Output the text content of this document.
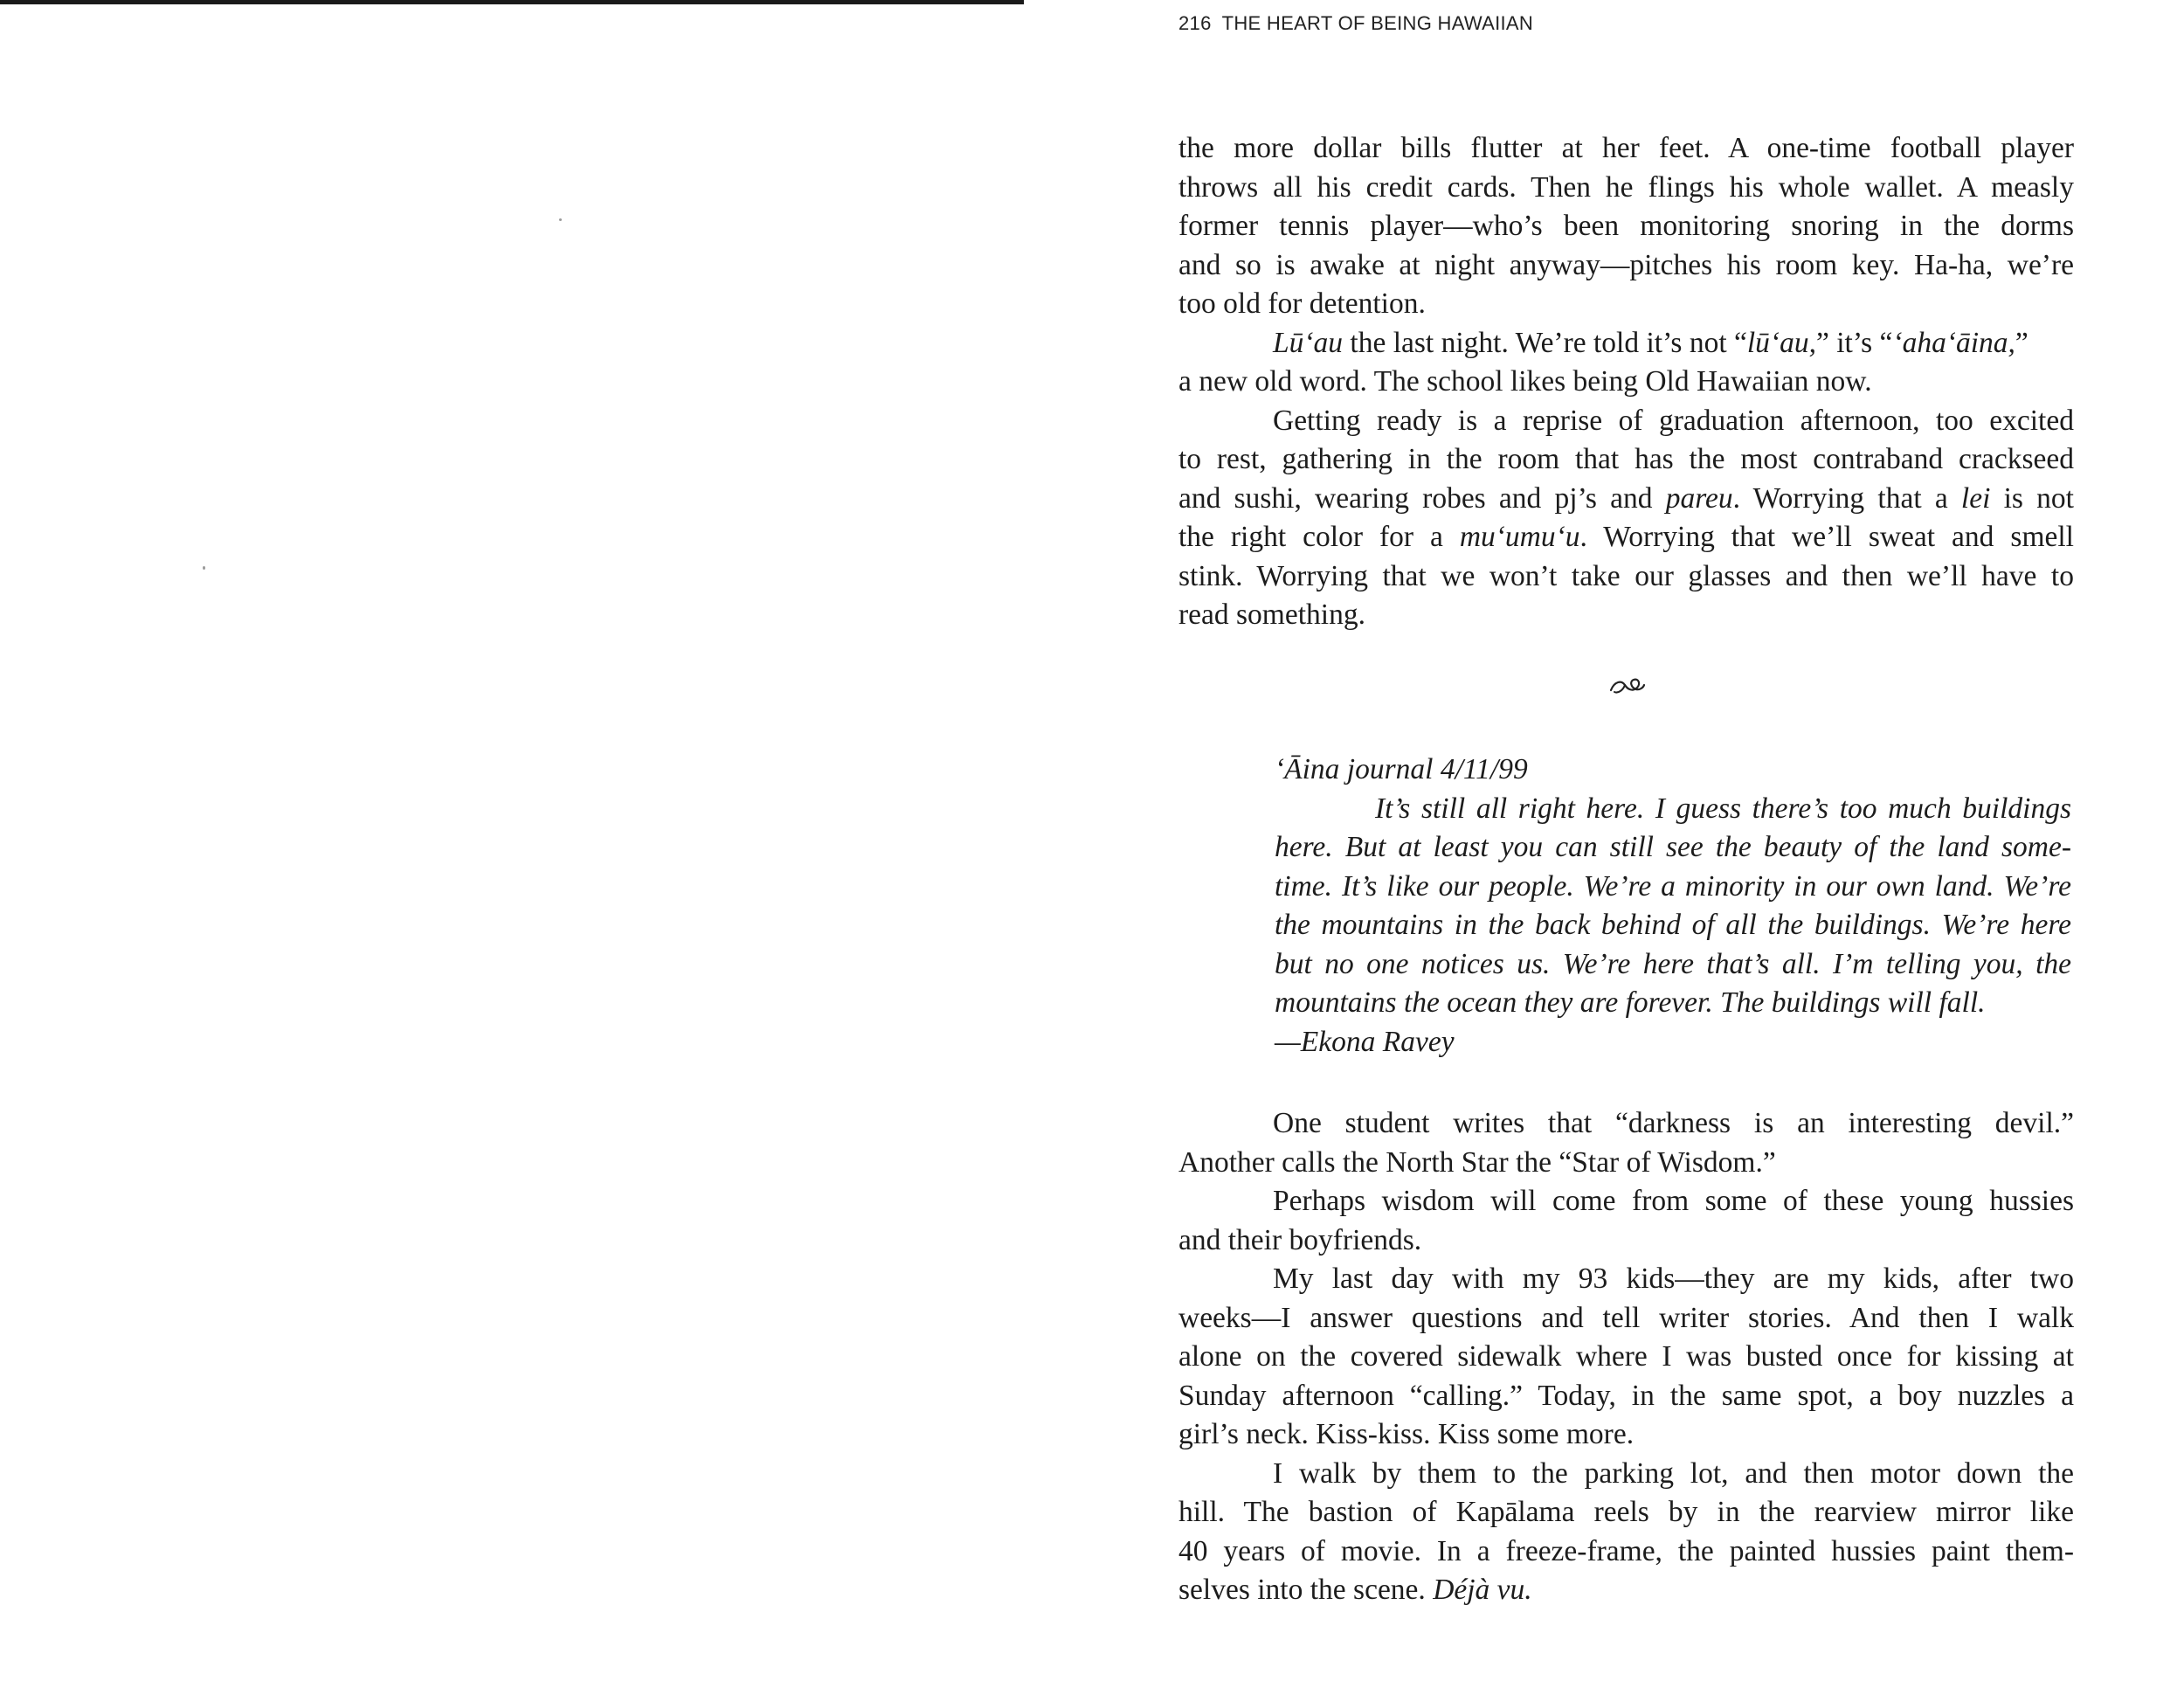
216 THE HEART OF BEING HAWAIIAN
the more dollar bills flutter at her feet. A one-time football player
throws all his credit cards. Then he flings his whole wallet. A measly
former tennis player—who’s been monitoring snoring in the dorms
and so is awake at night anyway—pitches his room key. Ha-ha, we’re
too old for detention.
Lū‘au the last night. We’re told it’s not “lū‘au,” it’s “‘aha‘āina,”
a new old word. The school likes being Old Hawaiian now.
Getting ready is a reprise of graduation afternoon, too excited
to rest, gathering in the room that has the most contraband crackseed
and sushi, wearing robes and pj’s and pareu. Worrying that a lei is not
the right color for a mu‘umu‘u. Worrying that we’ll sweat and smell
stink. Worrying that we won’t take our glasses and then we’ll have to
read something.
‘Āina journal 4/11/99
It’s still all right here. I guess there’s too much buildings
here. But at least you can still see the beauty of the land some-
time. It’s like our people. We’re a minority in our own land. We’re
the mountains in the back behind of all the buildings. We’re here
but no one notices us. We’re here that’s all. I’m telling you, the
mountains the ocean they are forever. The buildings will fall.
—Ekona Ravey
One student writes that “darkness is an interesting devil.”
Another calls the North Star the “Star of Wisdom.”
Perhaps wisdom will come from some of these young hussies
and their boyfriends.
My last day with my 93 kids—they are my kids, after two
weeks—I answer questions and tell writer stories. And then I walk
alone on the covered sidewalk where I was busted once for kissing at
Sunday afternoon “calling.” Today, in the same spot, a boy nuzzles a
girl’s neck. Kiss-kiss. Kiss some more.
I walk by them to the parking lot, and then motor down the
hill. The bastion of Kapālama reels by in the rearview mirror like
40 years of movie. In a freeze-frame, the painted hussies paint them-
selves into the scene. Déjà vu.
